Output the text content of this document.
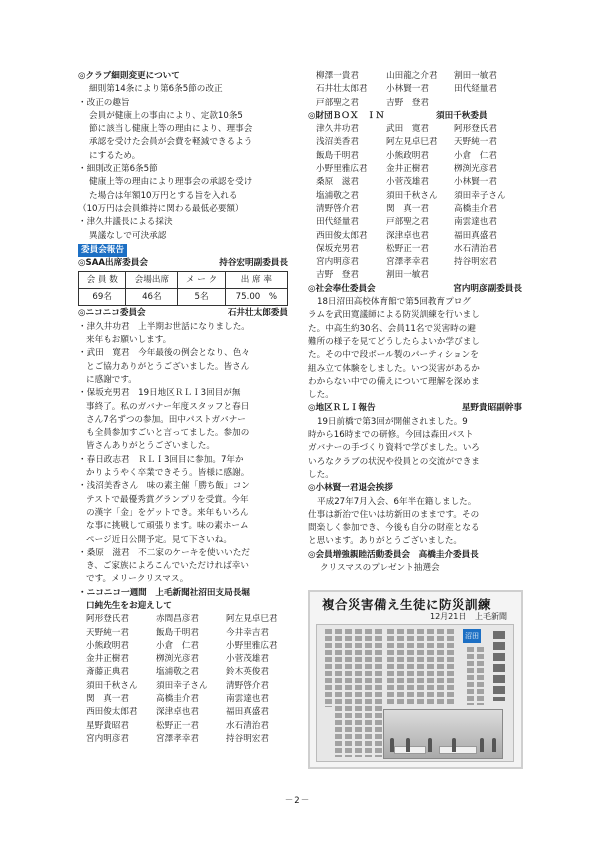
◎クラブ細則変更について
細則第14条により第6条5節の改正
・改正の趣旨
会員が健康上の事由により、定款10条5
節に該当し健康上等の理由により、理事会
承認を受けた会員が会費を軽減できるよう
にするため。
・細則改正第6条5節
健康上等の理由により理事会の承認を受け
た場合は年額10万円とする旨を入れる
（10万円は会員維持に関わる最低必要額）
・津久井議長による採決
異議なしで可決承認
委員会報告
◎SAA出席委員会	持谷宏明副委員長
会 員 数	会場出席	メ ー ク	出 席 率
69名	46名	5名	75.00　%
◎ニコニコ委員会	石井壮太郎委員
・津久井功君　上半期お世話になりました。
来年もお願いします。
・武田　寛君　今年最後の例会となり、色々
とご協力ありがとうございました。皆さん
に感謝です。
・保坂充男君　19日地区ＲＬＩ3回目が無
事終了。私のガバナー年度スタッフと春日
さん7名ずつの参加。田中パストガバナー
も全員参加すごいと言ってました。参加の
皆さんありがとうございました。
・春日政志君　ＲＬＩ3回目に参加。7年か
かりようやく卒業できそう。皆様に感謝。
・浅沼美香さん　味の素主催「勝ち飯」コン
テストで最優秀賞グランプリを受賞。今年
の漢字「金」をゲットでき。来年もいろん
な事に挑戦して頑張ります。味の素ホーム
ページ近日公開予定。見て下さいね。
・桑原　滋君　不二家のケーキを使いいただ
き、ご家族によろこんでいただければ幸い
です。メリークリスマス。
・ニコニコ一週間　上毛新聞社沼田支局長堀
口純先生をお迎えして
阿形登氏君	赤間昌彦君	阿左見卓巳君
天野純一君	飯島千明君	今井幸吉君
小熊政明君	小倉　仁君	小野里雅広君
金井正樹君	栁渕光彦君	小菅茂雄君
斎藤正典君	塩浦敬之君	鈴木英俊君
須田千秋さん	須田幸子さん	清野啓介君
関　真一君	高橋圭介君	南雲達也君
西田俊太郎君	深津卓也君	福田真盛君
星野貴昭君	松野正一君	水石清治君
宮内明彦君	宮澤孝幸君	持谷明宏君
柳澤一貴君	山田龍之介君	割田一敏君
石井壮太郎君	小林賢一君	田代経量君
戸部聖之君	吉野　登君
◎財団ＢＯＸ　ＩＮ	須田千秋委員
津久井功君	武田　寛君	阿形登氏君
浅沼美香君	阿左見卓巳君	天野純一君
飯島千明君	小熊政明君	小倉　仁君
小野里雅広君	金井正樹君	栁渕光彦君
桑原　滋君	小菅茂雄君	小林賢一君
塩浦敬之君	須田千秋さん	須田幸子さん
清野啓介君	関　真一君	高橋圭介君
田代経量君	戸部聖之君	南雲達也君
西田俊太郎君	深津卓也君	福田真盛君
保坂充男君	松野正一君	水石清治君
宮内明彦君	宮澤孝幸君	持谷明宏君
吉野　登君	割田一敏君
◎社会奉仕委員会	宮内明彦副委員長
18日沼田高校体育館で第5回教育プログ
ラムを武田寛議師による防災訓練を行いまし
た。中高生約30名、会員11名で災害時の避
難所の様子を見てどうしたらよいか学びまし
た。その中で段ボール製のパーティションを
組み立て体験をしました。いつ災害があるか
わからない中での備えについて理解を深めま
した。
◎地区ＲＬＩ報告	星野貴昭副幹事
19日前橋で第3回が開催されました。9
時から16時までの研修。今回は森田パスト
ガバナーの手づくり資料で学びました。いろ
いろなクラブの状況や役員との交流ができま
した。
◎小林賢一君退会挨拶
平成27年7月入会、6年半在籍しました。
仕事は新治で住いは坊新田のままです。その
間楽しく参加でき、今後も自分の財産となる
と思います。ありがとうございました。
◎会員増強親睦活動委員会　高橋圭介委員長
クリスマスのプレゼント抽選会
複合災害備え生徒に防災訓練
12月21日 上毛新聞
沼田
－2－
